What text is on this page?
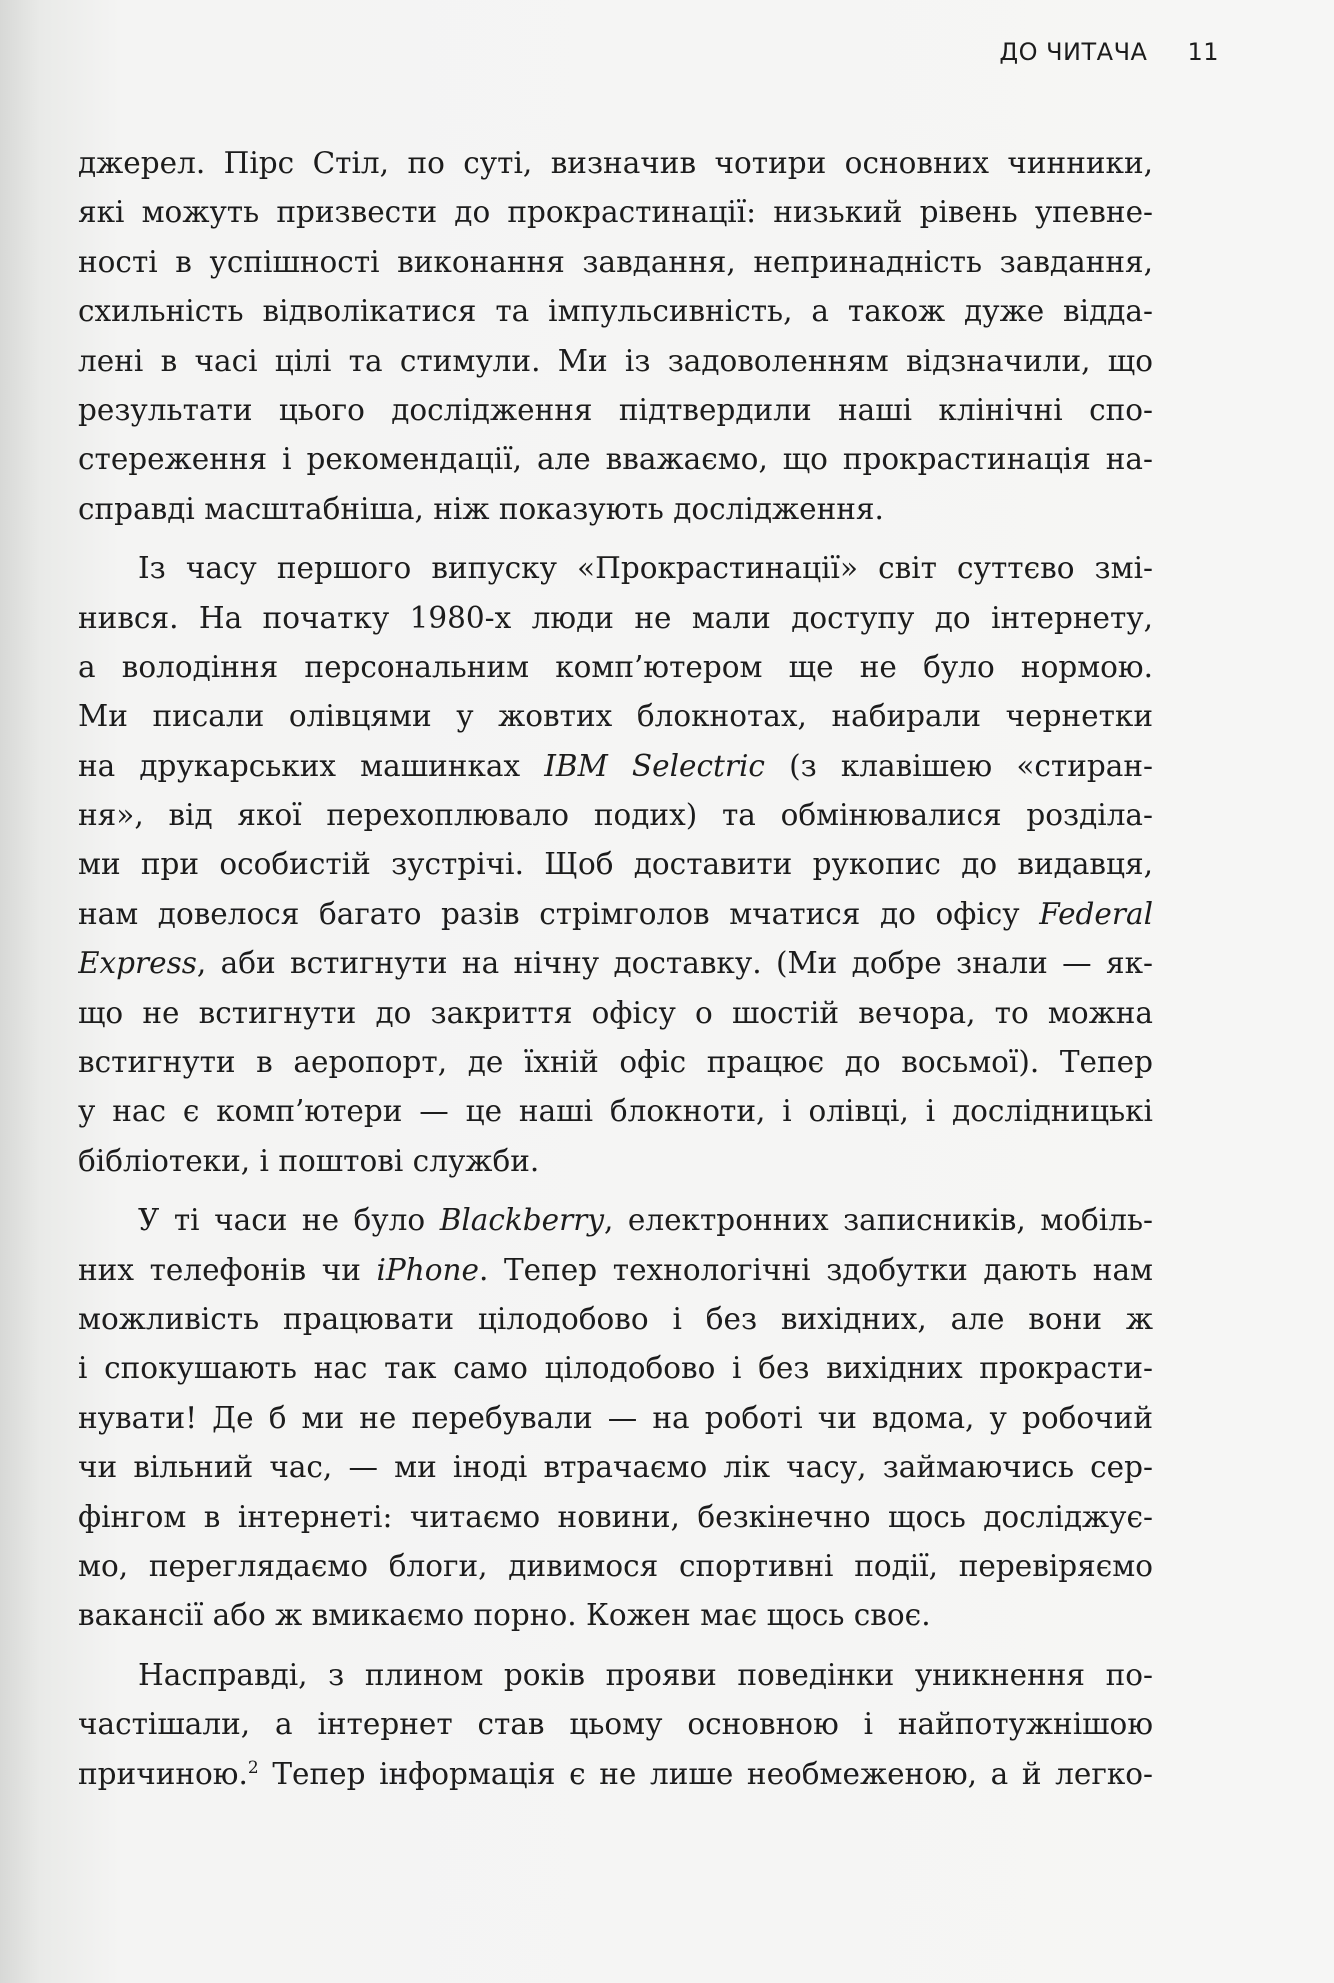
ДО ЧИТАЧА 11
джерел. Пірс Стіл, по суті, визначив чотири основних чинники,
які можуть призвести до прокрастинації: низький рівень упевне-
ності в успішності виконання завдання, непринадність завдання,
схильність відволікатися та імпульсивність, а також дуже віддa-
лені в часі цілі та стимули. Ми із задоволенням відзначили, що
результати цього дослідження підтвердили наші клінічні спо-
стереження і рекомендації, але вважаємо, що прокрастинація на-
справді масштабніша, ніж показують дослідження.
Із часу першого випуску «Прокрастинації» світ суттєво змі-
нився. На початку 1980-х люди не мали доступу до інтернету,
а володіння персональним комп’ютером ще не було нормою.
Ми писали олівцями у жовтих блокнотах, набирали чернетки
на друкарських машинках IBM Selectric (з клавішею «стиран-
ня», від якої перехоплювало подих) та обмінювалися розділа-
ми при особистій зустрічі. Щоб доставити рукопис до видавця,
нам довелося багато разів стрімголов мчатися до офісу Federal
Express, аби встигнути на нічну доставку. (Ми добре знали — як-
що не встигнути до закриття офісу о шостій вечора, то можна
встигнути в аеропорт, де їхній офіс працює до восьмої). Тепер
у нас є комп’ютери — це наші блокноти, і олівці, і дослідницькі
бібліотеки, і поштові служби.
У ті часи не було Blackberry, електронних записників, мобіль-
них телефонів чи iPhone. Тепер технологічні здобутки дають нам
можливість працювати цілодобово і без вихідних, але вони ж
і спокушають нас так само цілодобово і без вихідних прокрасти-
нувати! Де б ми не перебували — на роботі чи вдома, у робочий
чи вільний час, — ми іноді втрачаємо лік часу, займаючись сер-
фінгом в інтернеті: читаємо новини, безкінечно щось досліджує-
мо, переглядаємо блоги, дивимося спортивні події, перевіряємо
вакансії або ж вмикаємо порно. Кожен має щось своє.
Насправді, з плином років прояви поведінки уникнення по-
частішали, а інтернет став цьому основною і найпотужнішою
причиною.$^2$ Тепер інформація є не лише необмеженою, а й легко-
